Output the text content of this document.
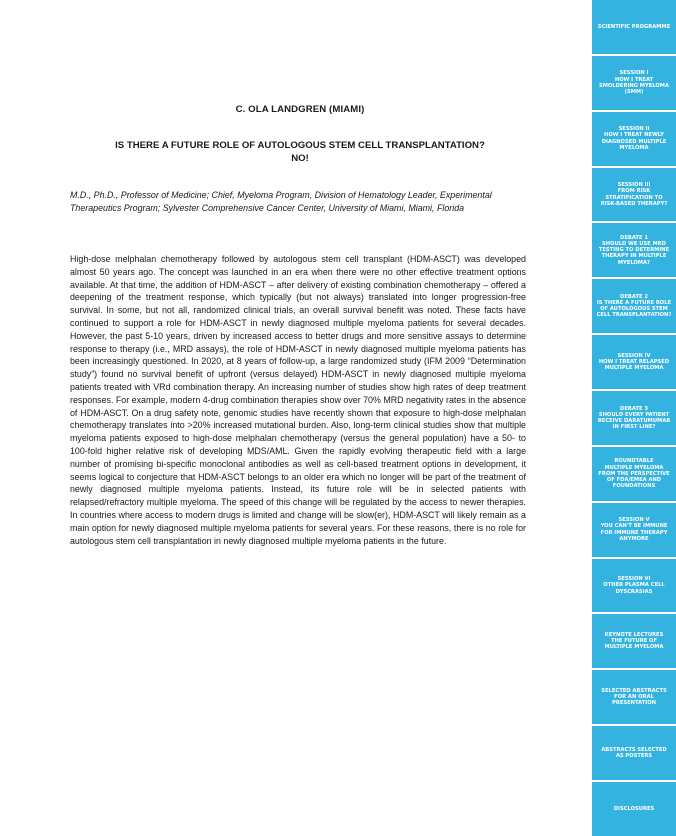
C. OLA LANDGREN (MIAMI)
IS THERE A FUTURE ROLE OF AUTOLOGOUS STEM CELL TRANSPLANTATION?
NO!
M.D., Ph.D., Professor of Medicine; Chief, Myeloma Program, Division of Hematology Leader, Experimental Therapeutics Program; Sylvester Comprehensive Cancer Center, University of Miami, Miami, Florida
High-dose melphalan chemotherapy followed by autologous stem cell transplant (HDM-ASCT) was developed almost 50 years ago. The concept was launched in an era when there were no other effective treatment options available. At that time, the addition of HDM-ASCT – after delivery of existing combination chemotherapy – offered a deepening of the treatment response, which typically (but not always) translated into longer progression-free survival. In some, but not all, randomized clinical trials, an overall survival benefit was noted. These facts have continued to support a role for HDM-ASCT in newly diagnosed multiple myeloma patients for several decades. However, the past 5-10 years, driven by increased access to better drugs and more sensitive assays to determine response to therapy (i.e., MRD assays), the role of HDM-ASCT in newly diagnosed multiple myeloma patients has been increasingly questioned. In 2020, at 8 years of follow-up, a large randomized study (IFM 2009 “Determination study”) found no survival benefit of upfront (versus delayed) HDM-ASCT in newly diagnosed multiple myeloma patients treated with VRd combination therapy. An increasing number of studies show high rates of deep treatment responses. For example, modern 4-drug combination therapies show over 70% MRD negativity rates in the absence of HDM-ASCT. On a drug safety note, genomic studies have recently shown that exposure to high-dose melphalan chemotherapy translates into >20% increased mutational burden. Also, long-term clinical studies show that multiple myeloma patients exposed to high-dose melphalan chemotherapy (versus the general population) have a 50- to 100-fold higher relative risk of developing MDS/AML. Given the rapidly evolving therapeutic field with a large number of promising bi-specific monoclonal antibodies as well as cell-based treatment options in development, it seems logical to conjecture that HDM-ASCT belongs to an older era which no longer will be part of the treatment of newly diagnosed multiple myeloma patients. Instead, its future role will be in selected patients with relapsed/refractory multiple myeloma. The speed of this change will be regulated by the access to newer therapies. In countries where access to modern drugs is limited and change will be slow(er), HDM-ASCT will likely remain as a main option for newly diagnosed multiple myeloma patients for several years. For these reasons, there is no role for autologous stem cell transplantation in newly diagnosed multiple myeloma patients in the future.
SCIENTIFIC PROGRAMME
SESSION I
HOW I TREAT
SMOLDERING MYELOMA
(SMM)
SESSION II
HOW I TREAT NEWLY
DIAGNOSED MULTIPLE
MYELOMA
SESSION III
FROM RISK
STRATIFICATION TO
RISK-BASED THERAPY?
DEBATE 1
SHOULD WE USE MRD
TESTING TO DETERMINE
THERAPY IN MULTIPLE
MYELOMA?
DEBATE 2
IS THERE A FUTURE ROLE
OF AUTOLOGOUS STEM
CELL TRANSPLANTATION?
SESSION IV
HOW I TREAT RELAPSED
MULTIPLE MYELOMA
DEBATE 3
SHOULD EVERY PATIENT
RECEIVE DARATUMUMAB
IN FIRST LINE?
ROUNDTABLE
MULTIPLE MYELOMA
FROM THE PERSPECTIVE
OF FDA/EMEA AND
FOUNDATIONS
SESSION V
YOU CAN'T BE IMMUNE
FOR IMMUNE THERAPY
ANYMORE
SESSION VI
OTHER PLASMA CELL
DYSCRASIAS
KEYNOTE LECTURES
THE FUTURE OF
MULTIPLE MYELOMA
SELECTED ABSTRACTS
FOR AN ORAL
PRESENTATION
ABSTRACTS SELECTED
AS POSTERS
DISCLOSURES
